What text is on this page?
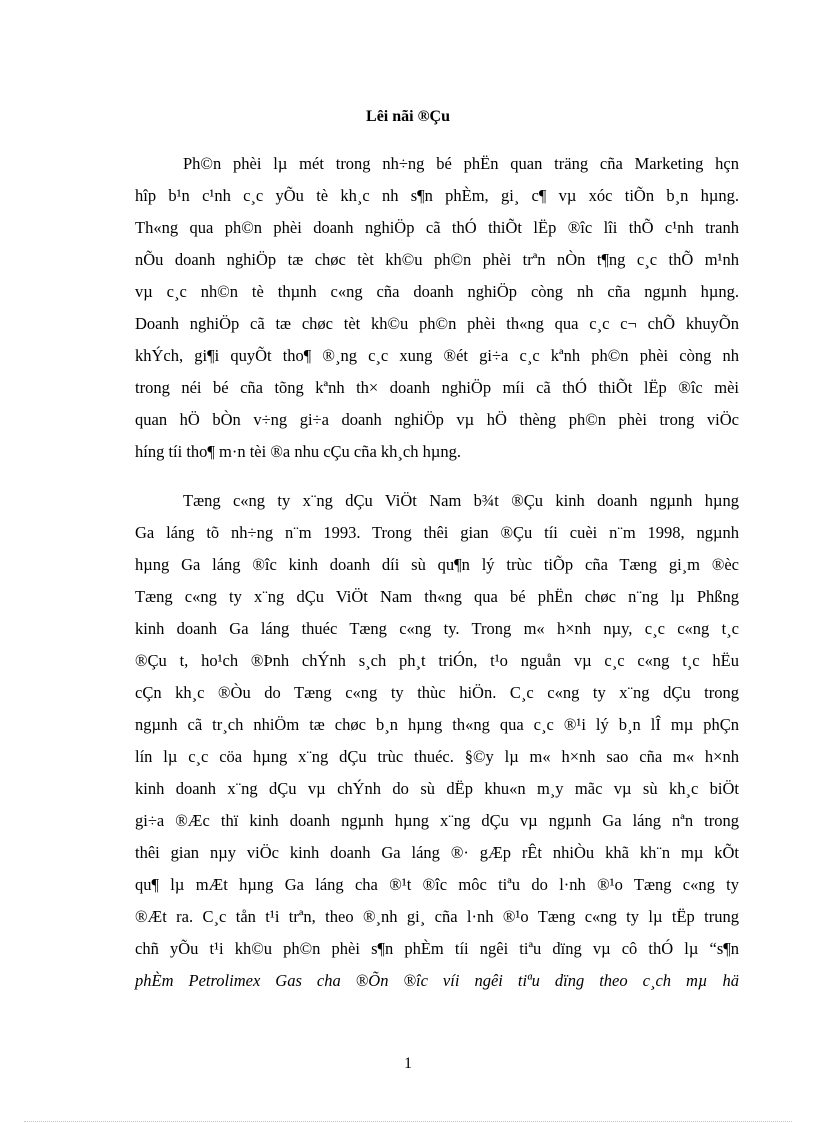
Lêi nãi ®Çu
Ph©n phèi lµ mét trong nh÷ng bé phËn quan träng cña Marketing hçn
hîp b¹n c¹nh c¸c yÕu tè kh¸c nh s¶n phÈm, gi¸ c¶ vµ xóc tiÕn b¸n hµng.
Th«ng qua ph©n phèi doanh nghiÖp cã thÓ thiÕt lËp ®îc lîi thÕ c¹nh tranh
nÕu doanh nghiÖp tæ chøc tèt kh©u ph©n phèi trªn nÒn t¶ng c¸c thÕ m¹nh
vµ c¸c nh©n tè thµnh c«ng cña doanh nghiÖp còng nh cña ngµnh hµng.
Doanh nghiÖp cã tæ chøc tèt kh©u ph©n phèi th«ng qua c¸c c¬ chÕ khuyÕn
khÝch, gi¶i quyÕt tho¶ ®¸ng c¸c xung ®ét gi÷a c¸c kªnh ph©n phèi còng nh
trong néi bé cña tõng kªnh th× doanh nghiÖp míi cã thÓ thiÕt lËp ®îc mèi
quan hÖ bÒn v÷ng gi÷a doanh nghiÖp vµ hÖ thèng ph©n phèi trong viÖc
híng tíi tho¶ m·n tèi ®a nhu cÇu cña kh¸ch hµng.
Tæng c«ng ty x¨ng dÇu ViÖt Nam b¾t ®Çu kinh doanh ngµnh hµng
Ga láng tõ nh÷ng n¨m 1993. Trong thêi gian ®Çu tíi cuèi n¨m 1998, ngµnh
hµng Ga láng ®îc kinh doanh díi sù qu¶n lý trùc tiÕp cña Tæng gi¸m ®èc
Tæng c«ng ty x¨ng dÇu ViÖt Nam th«ng qua bé phËn chøc n¨ng lµ Phßng
kinh doanh Ga láng thuéc Tæng c«ng ty. Trong m« h×nh nµy, c¸c c«ng t¸c
®Çu t, ho¹ch ®Þnh chÝnh s¸ch ph¸t triÓn, t¹o nguån vµ c¸c c«ng t¸c hËu
cÇn kh¸c ®Òu do Tæng c«ng ty thùc hiÖn. C¸c c«ng ty x¨ng dÇu trong
ngµnh cã tr¸ch nhiÖm tæ chøc b¸n hµng th«ng qua c¸c ®¹i lý b¸n lÎ mµ phÇn
lín lµ c¸c cöa hµng x¨ng dÇu trùc thuéc. §©y lµ m« h×nh sao cña m« h×nh
kinh doanh x¨ng dÇu vµ chÝnh do sù dËp khu«n m¸y mãc vµ sù kh¸c biÖt
gi÷a ®Æc thï kinh doanh ngµnh hµng x¨ng dÇu vµ ngµnh Ga láng nªn trong
thêi gian nµy viÖc kinh doanh Ga láng ®· gÆp rÊt nhiÒu khã kh¨n mµ kÕt
qu¶ lµ mÆt hµng Ga láng cha ®¹t ®îc môc tiªu do l·nh ®¹o Tæng c«ng ty
®Æt ra. C¸c tån t¹i trªn, theo ®¸nh gi¸ cña l·nh ®¹o Tæng c«ng ty lµ tËp trung
chñ yÕu t¹i kh©u ph©n phèi s¶n phÈm tíi ngêi tiªu dïng vµ cô thÓ lµ “s¶n
phÈm Petrolimex Gas cha ®Õn ®îc víi ngêi tiªu dïng theo c¸ch mµ hä
1
